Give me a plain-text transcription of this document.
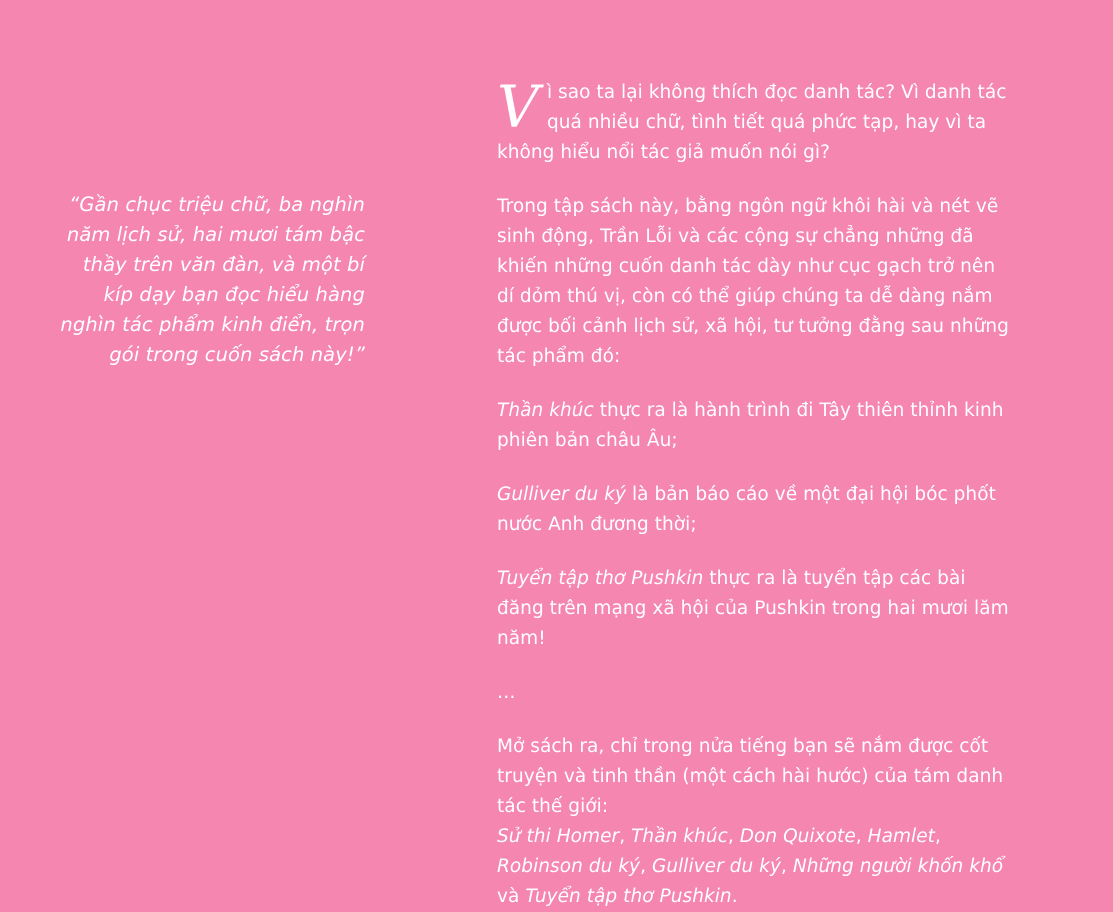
“Gần chục triệu chữ, ba nghìn năm lịch sử, hai mươi tám bậc thầy trên văn đàn, và một bí kíp dạy bạn đọc hiểu hàng nghìn tác phẩm kinh điển, trọn gói trong cuốn sách này!”

Vì sao ta lại không thích đọc danh tác? Vì danh tác quá nhiều chữ, tình tiết quá phức tạp, hay vì ta không hiểu nổi tác giả muốn nói gì?

Trong tập sách này, bằng ngôn ngữ khôi hài và nét vẽ sinh động, Trần Lỗi và các cộng sự chẳng những đã khiến những cuốn danh tác dày như cục gạch trở nên dí dỏm thú vị, còn có thể giúp chúng ta dễ dàng nắm được bối cảnh lịch sử, xã hội, tư tưởng đằng sau những tác phẩm đó:

Thần khúc thực ra là hành trình đi Tây thiên thỉnh kinh phiên bản châu Âu;

Gulliver du ký là bản báo cáo về một đại hội bóc phốt nước Anh đương thời;

Tuyển tập thơ Pushkin thực ra là tuyển tập các bài đăng trên mạng xã hội của Pushkin trong hai mươi lăm năm!

…

Mở sách ra, chỉ trong nửa tiếng bạn sẽ nắm được cốt truyện và tinh thần (một cách hài hước) của tám danh tác thế giới:
Sử thi Homer, Thần khúc, Don Quixote, Hamlet, Robinson du ký, Gulliver du ký, Những người khốn khổ và Tuyển tập thơ Pushkin.
